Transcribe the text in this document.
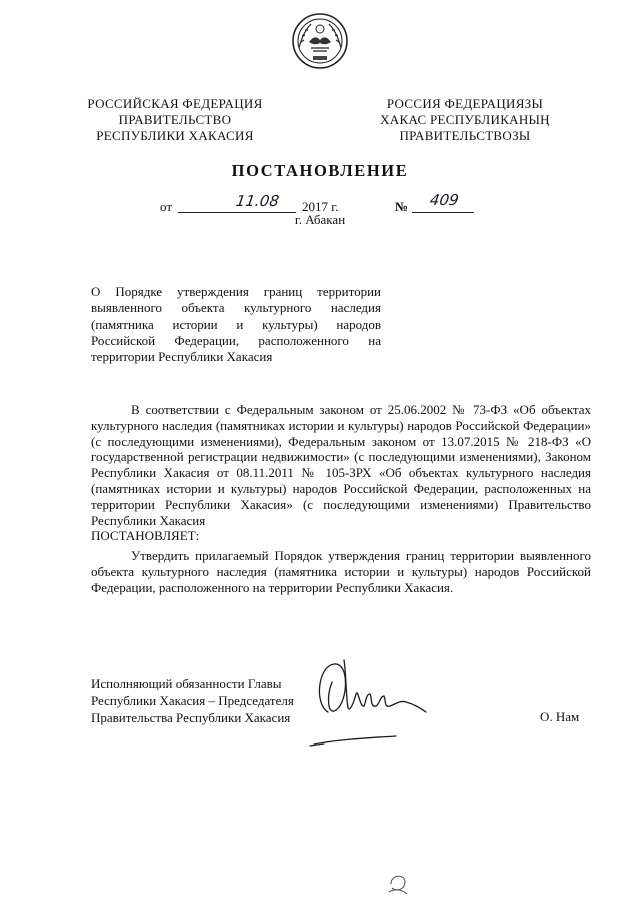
РОССИЙСКАЯ ФЕДЕРАЦИЯ
ПРАВИТЕЛЬСТВО
РЕСПУБЛИКИ ХАКАСИЯ
РОССИЯ ФЕДЕРАЦИЯЗЫ
ХАКАС РЕСПУБЛИКАНЫҢ
ПРАВИТЕЛЬСТВОЗЫ
ПОСТАНОВЛЕНИЕ
от	11.08 2017 г.	№ 409
г. Абакан
О Порядке утверждения границ территории выявленного объекта культурного наследия (памятника истории и культуры) народов Российской Федерации, расположенного на территории Республики Хакасия

В соответствии с Федеральным законом от 25.06.2002 № 73-ФЗ «Об объектах культурного наследия (памятниках истории и культуры) народов Российской Федерации» (с последующими изменениями), Федеральным законом от 13.07.2015 № 218-ФЗ «О государственной регистрации недвижимости» (с последующими изменениями), Законом Республики Хакасия от 08.11.2011 № 105-ЗРХ «Об объектах культурного наследия (памятниках истории и культуры) народов Российской Федерации, расположенных на территории Республики Хакасия» (с последующими изменениями) Правительство Республики Хакасия

ПОСТАНОВЛЯЕТ:

Утвердить прилагаемый Порядок утверждения границ территории выявленного объекта культурного наследия (памятника истории и культуры) народов Российской Федерации, расположенного на территории Республики Хакасия.

Исполняющий обязанности Главы
Республики Хакасия – Председателя
Правительства Республики Хакасия	О. Нам
